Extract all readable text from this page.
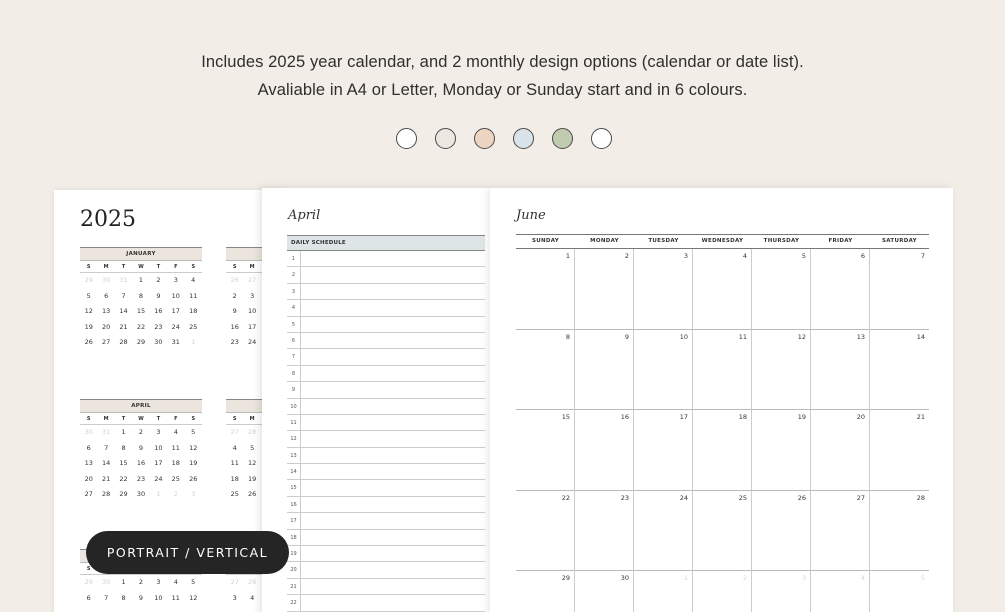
Includes 2025 year calendar, and 2 monthly design options (calendar or date list).
Avaliable in A4 or Letter, Monday or Sunday start and in 6 colours.
2025
JANUARY
S	M	T	W	T	F	S
29	30	31	1	2	3	4
5	6	7	8	9	10	11
12	13	14	15	16	17	18
19	20	21	22	23	24	25
26	27	28	29	30	31	1
S	M
26	27
2	3
9	10
16	17
23	24
APRIL
S	M	T	W	T	F	S
30	31	1	2	3	4	5
6	7	8	9	10	11	12
13	14	15	16	17	18	19
20	21	22	23	24	25	26
27	28	29	30	1	2	3
S	M
27	28
4	5
11	12
18	19
25	26
S
29	30	1	2	3	4	5
6	7	8	9	10	11	12
27	28
3	4
April
DAILY SCHEDULE
1
2
3
4
5
6
7
8
9
10
11
12
13
14
15
16
17
18
19
20
21
22
June
SUNDAY	MONDAY	TUESDAY	WEDNESDAY	THURSDAY	FRIDAY	SATURDAY
1	2	3	4	5	6	7
8	9	10	11	12	13	14
15	16	17	18	19	20	21
22	23	24	25	26	27	28
29	30	1	2	3	4	5
PORTRAIT / VERTICAL
